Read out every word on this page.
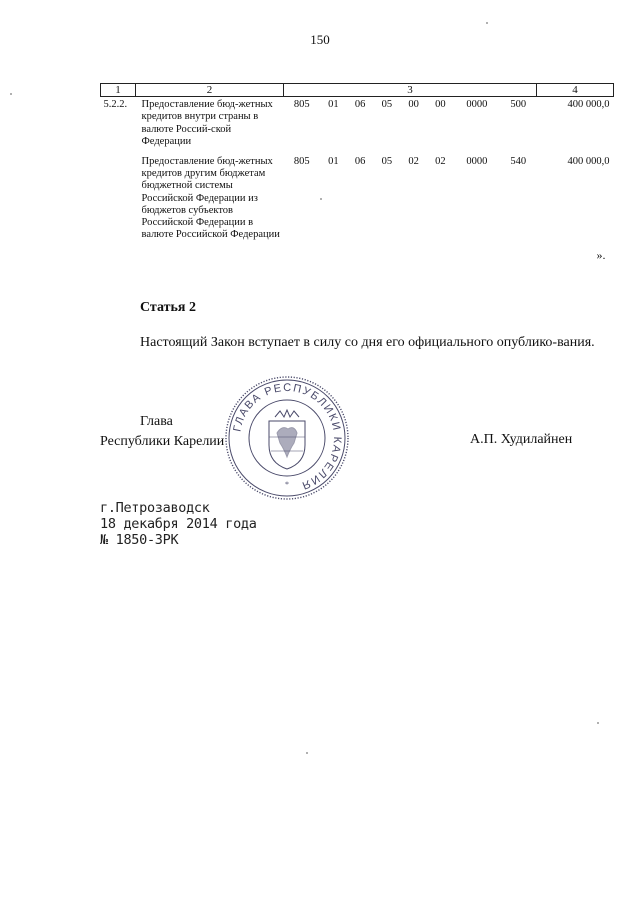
150
1	2	3								4
5.2.2.	Предоставление бюд-жетных кредитов внутри страны в валюте Россий-ской Федерации	805	01	06	05	00	00	0000	500	400 000,0
	Предоставление бюд-жетных кредитов другим бюджетам бюджетной системы Российской Федерации из бюджетов субъектов Российской Федерации в валюте Российской Федерации	805	01	06	05	02	02	0000	540	400 000,0
										».
Статья 2
Настоящий Закон вступает в силу со дня его официального опублико-вания.
Глава
Республики Карелии	А.П. Худилайнен
ГЛАВА РЕСПУБЛИКИ КАРЕЛИЯ
*
г.Петрозаводск
18 декабря 2014 года
№ 1850-ЗРК
